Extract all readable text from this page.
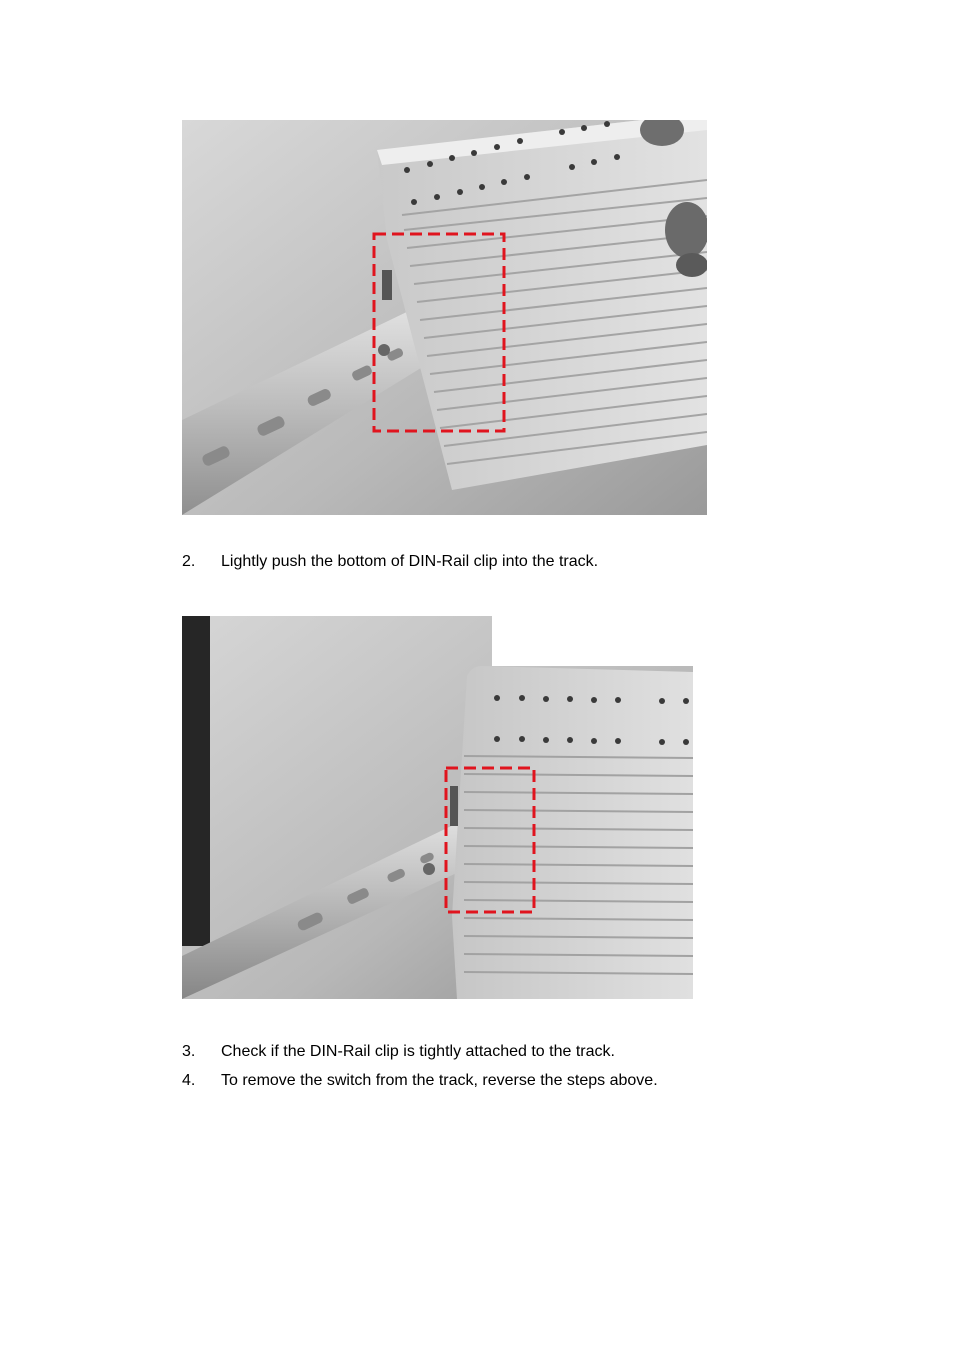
2. Lightly push the bottom of DIN-Rail clip into the track.
3. Check if the DIN-Rail clip is tightly attached to the track.
4. To remove the switch from the track, reverse the steps above.
